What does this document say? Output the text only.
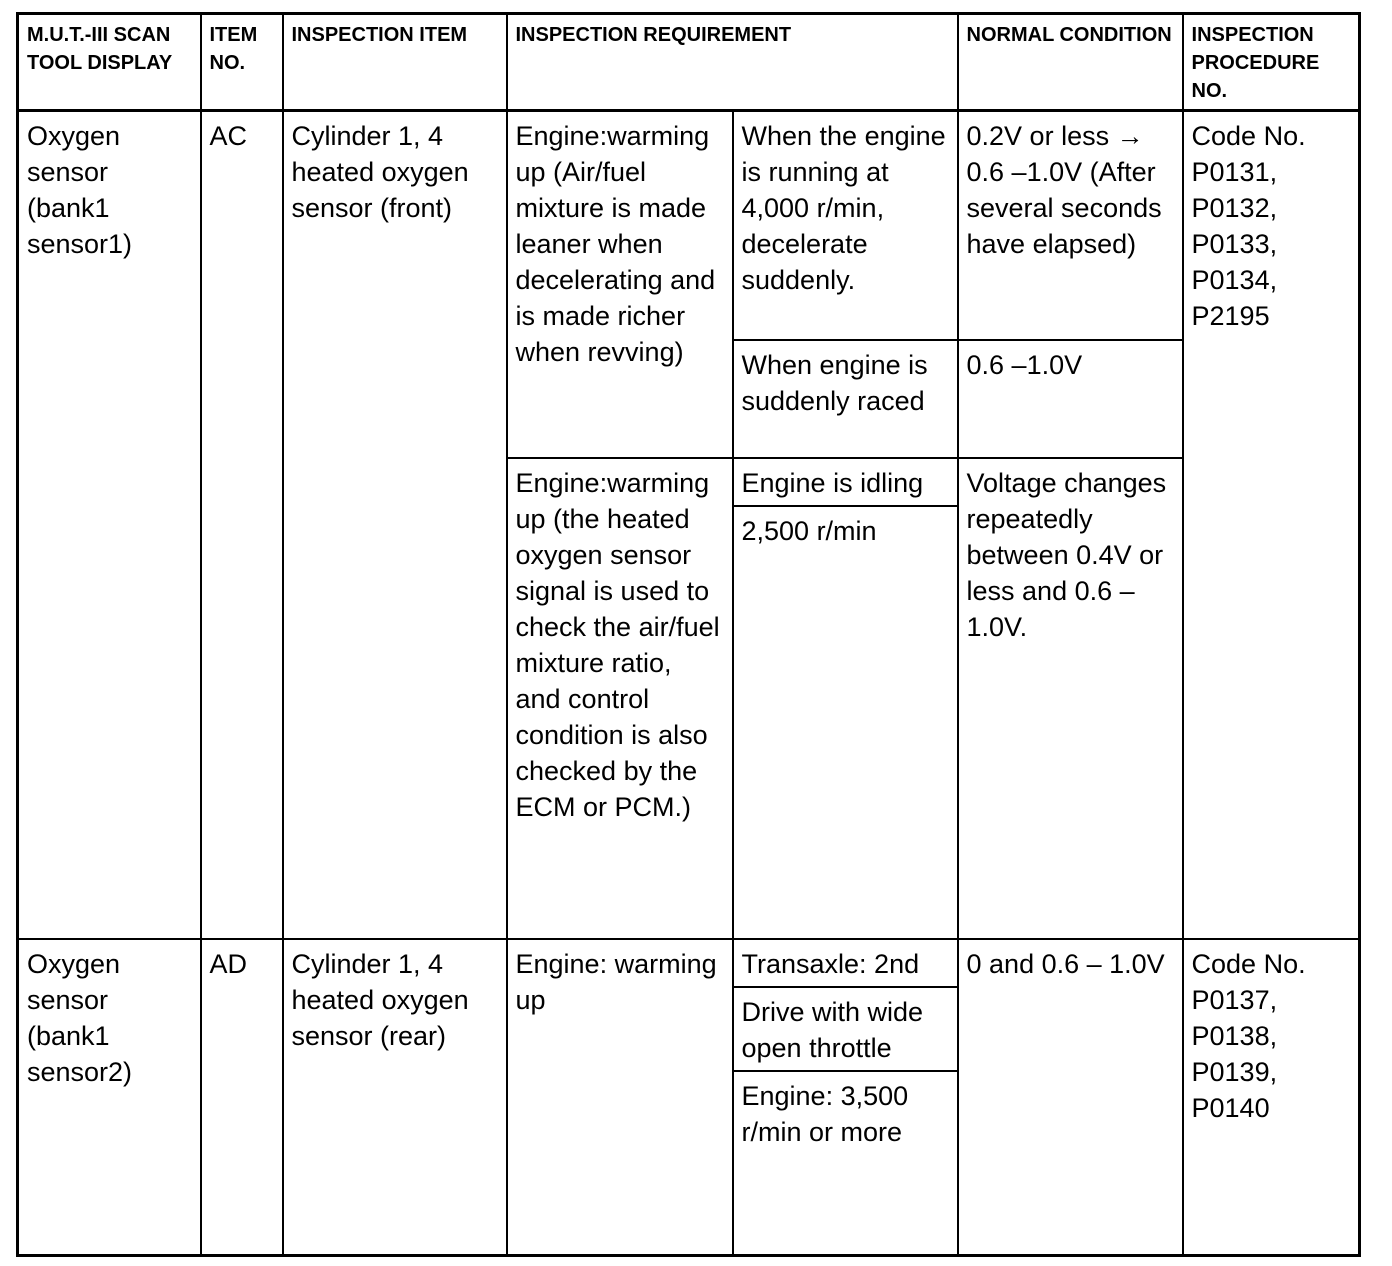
M.U.T.-III SCAN TOOL DISPLAY	ITEM NO.	INSPECTION ITEM	INSPECTION REQUIREMENT		NORMAL CONDITION	INSPECTION PROCEDURE NO.
Oxygen sensor (bank1 sensor1)	AC	Cylinder 1, 4 heated oxygen sensor (front)	Engine:warming up (Air/fuel mixture is made leaner when decelerating and is made richer when revving)	When the engine is running at 4,000 r/min, decelerate suddenly.	0.2V or less → 0.6 –1.0V (After several seconds have elapsed)	Code No. P0131, P0132, P0133, P0134, P2195
				When engine is suddenly raced	0.6 –1.0V	
			Engine:warming up (the heated oxygen sensor signal is used to check the air/fuel mixture ratio, and control condition is also checked by the ECM or PCM.)	Engine is idling	Voltage changes repeatedly between 0.4V or less and 0.6 –1.0V.	
				2,500 r/min		
Oxygen sensor (bank1 sensor2)	AD	Cylinder 1, 4 heated oxygen sensor (rear)	Engine: warming up	Transaxle: 2nd	0 and 0.6 – 1.0V	Code No. P0137, P0138, P0139, P0140
				Drive with wide open throttle		
				Engine: 3,500 r/min or more		
